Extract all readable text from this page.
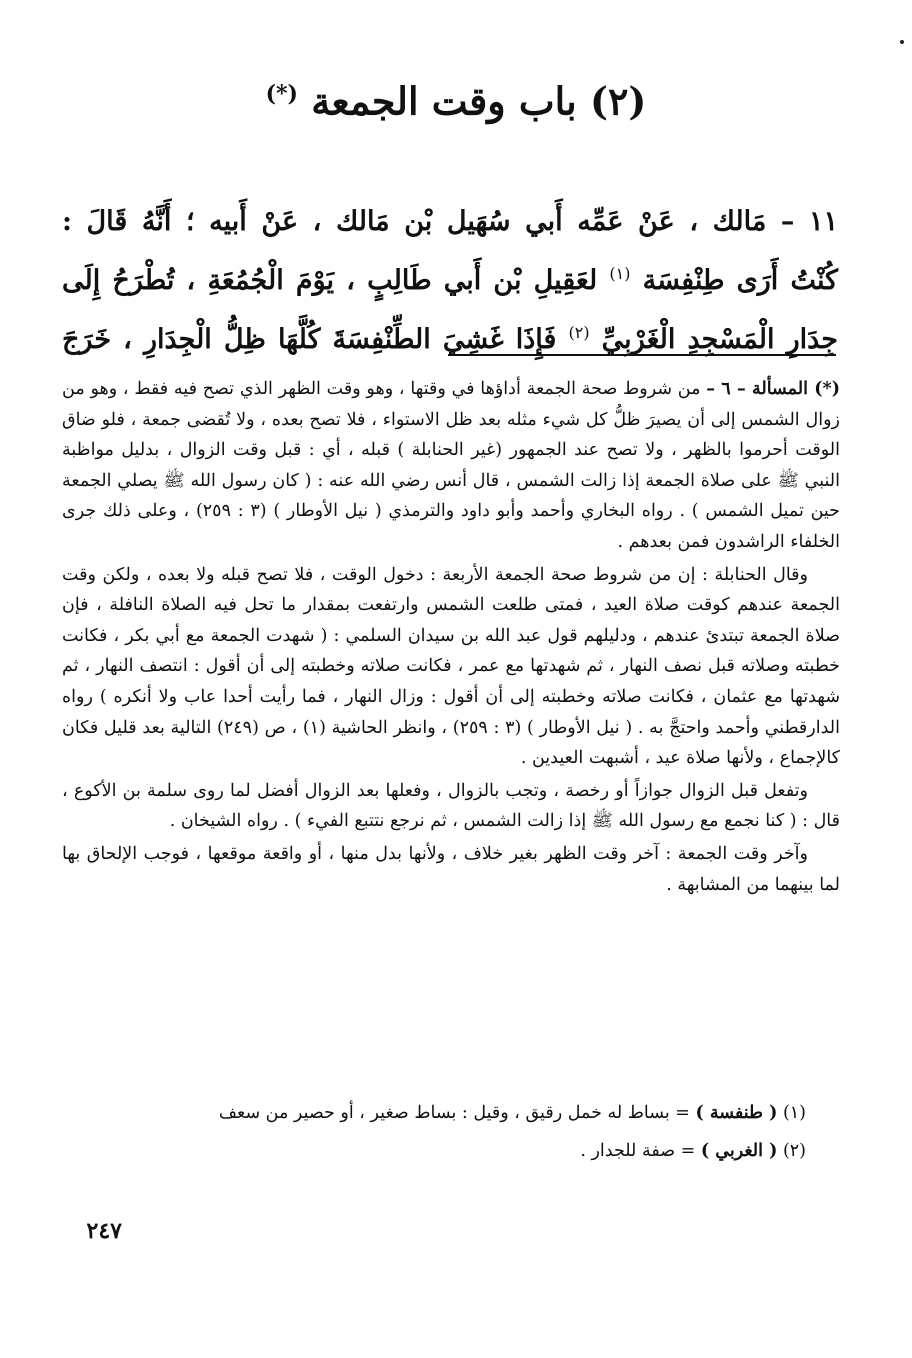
(٢) باب وقت الجمعة (*)

١١ – مَالك ، عَنْ عَمِّه أَبي سُهَيل بْن مَالك ، عَنْ أَبيه ؛ أَنَّهُ قَالَ :

كُنْتُ أَرَى طِنْفِسَة $^{(١)}$ لعَقِيلِ بْن أَبي طَالِبٍ ، يَوْمَ الْجُمُعَةِ ، تُطْرَحُ إِلَى

جِدَارِ الْمَسْجِدِ الْغَرْبِيِّ $^{(٢)}$ فَإِذَا غَشِيَ الطِّنْفِسَةَ كُلَّهَا ظِلُّ الْجِدَارِ ، خَرَجَ

(*) المسألة – ٦ – من شروط صحة الجمعة أداؤها في وقتها ، وهو وقت الظهر الذي تصح فيه فقط ، وهو من زوال الشمس إلى أن يصيرَ ظلُّ كل شيء مثله بعد ظل الاستواء ، فلا تصح بعده ، ولا تُقضى جمعة ، فلو ضاق الوقت أحرموا بالظهر ، ولا تصح عند الجمهور (غير الحنابلة ) قبله ، أي : قبل وقت الزوال ، بدليل مواظبة النبي ﷺ على صلاة الجمعة إذا زالت الشمس ، قال أنس رضي الله عنه : ( كان رسول الله ﷺ يصلي الجمعة حين تميل الشمس ) . رواه البخاري وأحمد وأبو داود والترمذي ( نيل الأوطار ) (٣ : ٢٥٩) ، وعلى ذلك جرى الخلفاء الراشدون فمن بعدهم .

وقال الحنابلة : إن من شروط صحة الجمعة الأربعة : دخول الوقت ، فلا تصح قبله ولا بعده ، ولكن وقت الجمعة عندهم كوقت صلاة العيد ، فمتى طلعت الشمس وارتفعت بمقدار ما تحل فيه الصلاة النافلة ، فإن صلاة الجمعة تبتدئ عندهم ، ودليلهم قول عبد الله بن سيدان السلمي : ( شهدت الجمعة مع أبي بكر ، فكانت خطبته وصلاته قبل نصف النهار ، ثم شهدتها مع عمر ، فكانت صلاته وخطبته إلى أن أقول : انتصف النهار ، ثم شهدتها مع عثمان ، فكانت صلاته وخطبته إلى أن أقول : وزال النهار ، فما رأيت أحدا عاب ولا أنكره ) رواه الدارقطني وأحمد واحتجَّ به . ( نيل الأوطار ) (٣ : ٢٥٩) ، وانظر الحاشية (١) ، ص (٢٤٩) التالية بعد قليل فكان كالإجماع ، ولأنها صلاة عيد ، أشبهت العيدين .

وتفعل قبل الزوال جوازاً أو رخصة ، وتجب بالزوال ، وفعلها بعد الزوال أفضل لما روى سلمة بن الأكوع ، قال : ( كنا نجمع مع رسول الله ﷺ إذا زالت الشمس ، ثم نرجع نتتبع الفيء ) . رواه الشيخان .

وآخر وقت الجمعة : آخر وقت الظهر بغير خلاف ، ولأنها بدل منها ، أو واقعة موقعها ، فوجب الإلحاق بها لما بينهما من المشابهة .

(١) ( طنفسة ) = بساط له خمل رقيق ، وقيل : بساط صغير ، أو حصير من سعف

(٢) ( الغربي ) = صفة للجدار .

٢٤٧
